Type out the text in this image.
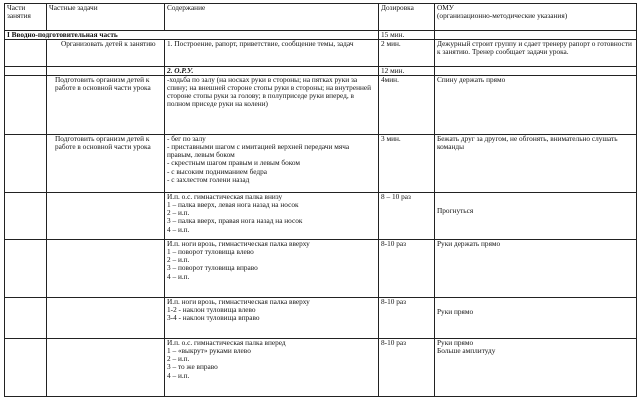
Части занятия	Частные задачи	Содержание	Дозировка	ОМУ
(организационно-методические указания)
I Вводно-подготовительная часть			15 мин.	
	Организовать детей к занятию	1. Построение, рапорт, приветствие, сообщение темы, задач	2 мин.	Дежурный строит группу и сдает тренеру рапорт о готовности к занятию. Тренер сообщает задачи урока.
		2. О.Р.У.	12 мин.	
	Подготовить организм детей к работе в основной части урока	-ходьба по залу (на носках руки в стороны; на пятках руки за спину; на внешней стороне стопы руки в стороны; на внутренней стороне стопы руки за голову; в полуприседе руки вперед, в полном приседе руки на колени)	4мин.	Спину держать прямо
	Подготовить организм детей к работе в основной части урока	- бег по залу
- приставными шагом с имитацией верхней передачи мяча правым, левым боком
- скрестным шагом правым и левым боком
- с высоким подниманием бедра
- с захлестом голени назад	3 мин.	Бежать друг за другом, не обгонять, внимательно слушать команды
		И.п. о.с. гимнастическая палка внизу
1 – палка вверх, левая нога назад на носок
2 – и.п.
3 – палка вверх, правая нога назад на носок
4 – и.п.	8 – 10 раз	Прогнуться
		И.п. ноги врозь, гимнастическая палка вверху
1 – поворот туловища влево
2 – и.п.
3 – поворот туловища вправо
4 – и.п.	8-10 раз	Руки держать прямо
		И.п. ноги врозь, гимнастическая палка вверху
1-2 - наклон туловища влево
3-4 - наклон туловища вправо	8-10 раз	Руки прямо
		И.п. о.с. гимнастическая палка вперед
1 – «выкрут» руками влево
2 – и.п.
3 – то же вправо
4 – и.п.	8-10 раз	Руки прямо
Больше амплитуду
